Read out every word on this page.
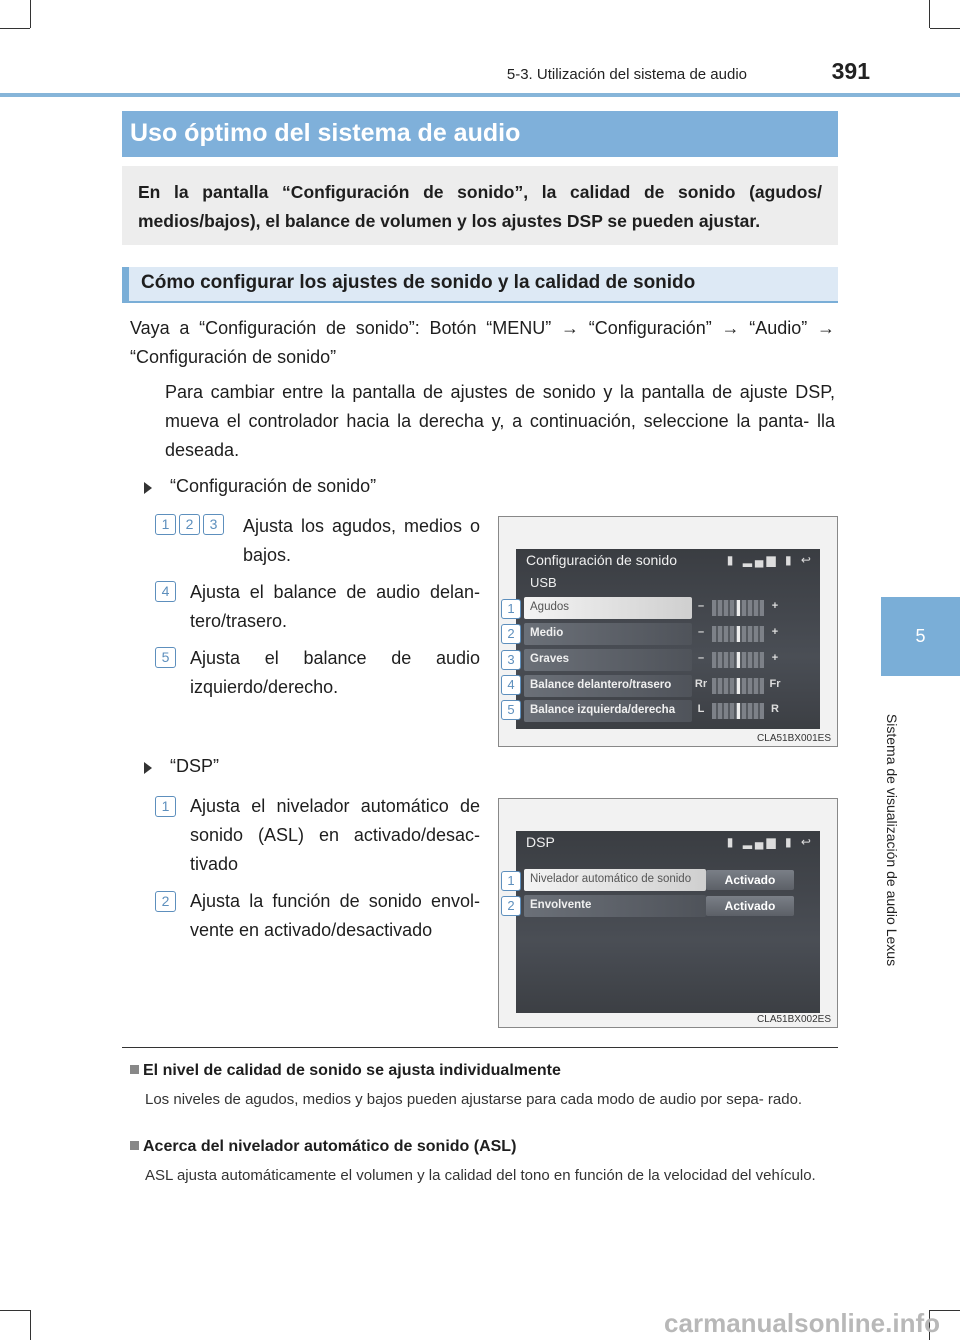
5-3. Utilización del sistema de audio	391
5
Sistema de visualización de audio Lexus
Uso óptimo del sistema de audio
En la pantalla “Configuración de sonido”, la calidad de sonido (agudos/ medios/bajos), el balance de volumen y los ajustes DSP se pueden ajustar.
Cómo configurar los ajustes de sonido y la calidad de sonido
Vaya a “Configuración de sonido”: Botón “MENU” → “Configuración” → “Audio” → “Configuración de sonido”
Para cambiar entre la pantalla de ajustes de sonido y la pantalla de ajuste DSP, mueva el controlador hacia la derecha y, a continuación, seleccione la panta- lla deseada.
“Configuración de sonido”
1 2 3	Ajusta los agudos, medios o bajos.
4	Ajusta el balance de audio delan- tero/trasero.
5	Ajusta el balance de audio izquierdo/derecho.
Configuración de sonido	▮ ▂▄▆ ▮ ↩
USB
Agudos	–	+
Medio	–	+
Graves	–	+
Balance delantero/trasero Rr	Fr
Balance izquierda/derecha	L	R
1
2
3
4
5
CLA51BX001ES
“DSP”
1	Ajusta el nivelador automático de sonido (ASL) en activado/desac- tivado
2	Ajusta la función de sonido envol- vente en activado/desactivado
DSP	▮ ▂▄▆ ▮ ↩
Nivelador automático de sonido	Activado
Envolvente	Activado
1
2
CLA51BX002ES
El nivel de calidad de sonido se ajusta individualmente
Los niveles de agudos, medios y bajos pueden ajustarse para cada modo de audio por sepa- rado.
Acerca del nivelador automático de sonido (ASL)
ASL ajusta automáticamente el volumen y la calidad del tono en función de la velocidad del vehículo.
carmanualsonline.info
